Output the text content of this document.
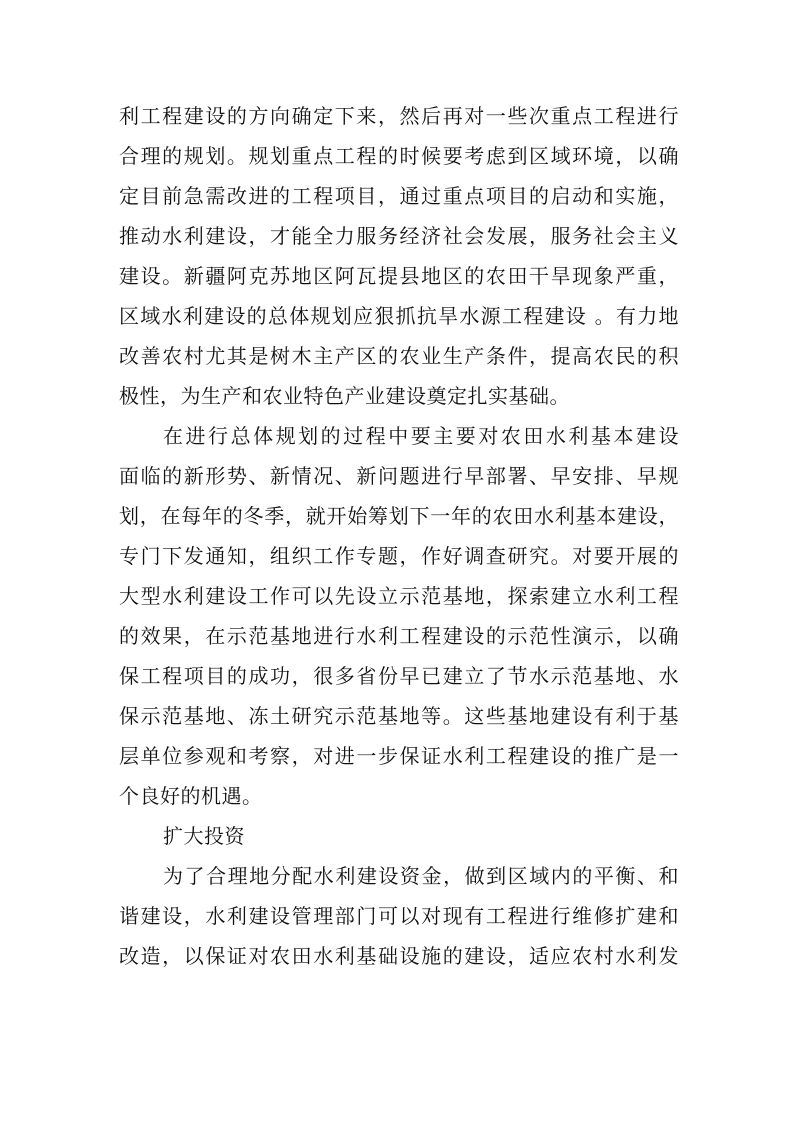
利工程建设的方向确定下来，然后再对一些次重点工程进行
合理的规划。规划重点工程的时候要考虑到区域环境，以确
定目前急需改进的工程项目，通过重点项目的启动和实施，
推动水利建设，才能全力服务经济社会发展，服务社会主义
建设。新疆阿克苏地区阿瓦提县地区的农田干旱现象严重，
区域水利建设的总体规划应狠抓抗旱水源工程建设 。有力地
改善农村尤其是树木主产区的农业生产条件，提高农民的积
极性，为生产和农业特色产业建设奠定扎实基础。
在进行总体规划的过程中要主要对农田水利基本建设
面临的新形势、新情况、新问题进行早部署、早安排、早规
划，在每年的冬季，就开始筹划下一年的农田水利基本建设，
专门下发通知，组织工作专题，作好调查研究。对要开展的
大型水利建设工作可以先设立示范基地，探索建立水利工程
的效果，在示范基地进行水利工程建设的示范性演示，以确
保工程项目的成功，很多省份早已建立了节水示范基地、水
保示范基地、冻土研究示范基地等。这些基地建设有利于基
层单位参观和考察，对进一步保证水利工程建设的推广是一
个良好的机遇。
扩大投资
为了合理地分配水利建设资金，做到区域内的平衡、和
谐建设，水利建设管理部门可以对现有工程进行维修扩建和
改造，以保证对农田水利基础设施的建设，适应农村水利发
